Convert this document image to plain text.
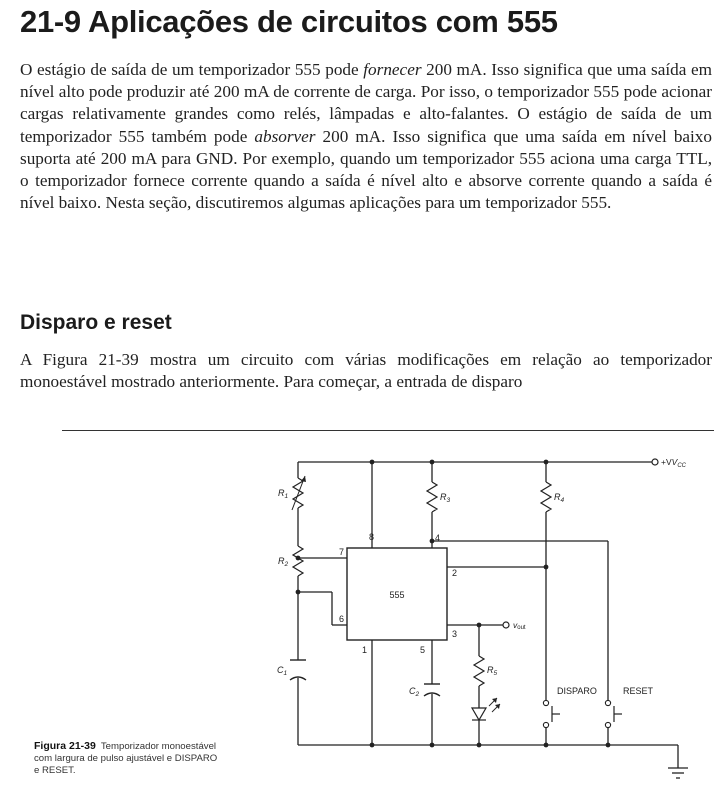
21-9 Aplicações de circuitos com 555

O estágio de saída de um temporizador 555 pode fornecer 200 mA. Isso significa que uma saída em nível alto pode produzir até 200 mA de corrente de carga. Por isso, o temporizador 555 pode acionar cargas relativamente grandes como relés, lâmpadas e alto-falantes. O estágio de saída de um temporizador 555 também pode absorver 200 mA. Isso significa que uma saída em nível baixo suporta até 200 mA para GND. Por exemplo, quando um temporizador 555 aciona uma carga TTL, o temporizador fornece corrente quando a saída é nível alto e absorve corrente quando a saída é nível baixo. Nesta seção, discutiremos algumas aplicações para um temporizador 555.

Disparo e reset

A Figura 21-39 mostra um circuito com várias modificações em relação ao temporizador monoestável mostrado anteriormente. Para começar, a entrada de disparo

555
8	4
7
2
6
3
1	5
$R_1$
$R_2$
$C_1$
$R_3$	$R_4$
$R_5$
$C_2$
vout
$+VV_{CC}$
DISPARO	RESET
Figura 21-39 Temporizador monoestável com largura de pulso ajustável e DISPARO e RESET.
